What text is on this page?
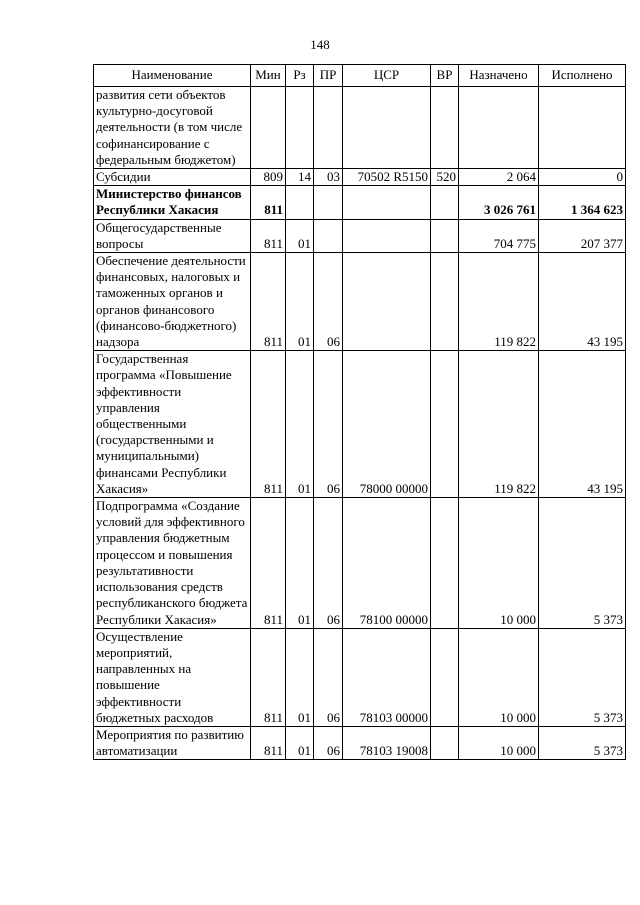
148
Наименование	Мин	Рз	ПР	ЦСР	ВР	Назначено	Исполнено
развития сети объектов культурно-досуговой деятельности (в том числе софинансирование с федеральным бюджетом)							
Субсидии	809	14	03	70502 R5150	520	2 064	0
Министерство финансов Республики Хакасия	811					3 026 761	1 364 623
Общегосударственные вопросы	811	01				704 775	207 377
Обеспечение деятельности финансовых, налоговых и таможенных органов и органов финансового (финансово-бюджетного) надзора	811	01	06			119 822	43 195
Государственная программа «Повышение эффективности управления общественными (государственными и муниципальными) финансами Республики Хакасия»	811	01	06	78000 00000		119 822	43 195
Подпрограмма «Создание условий для эффективного управления бюджетным процессом и повышения результативности использования средств республиканского бюджета Республики Хакасия»	811	01	06	78100 00000		10 000	5 373
Осуществление мероприятий, направленных на повышение эффективности бюджетных расходов	811	01	06	78103 00000		10 000	5 373
Мероприятия по развитию автоматизации	811	01	06	78103 19008		10 000	5 373
